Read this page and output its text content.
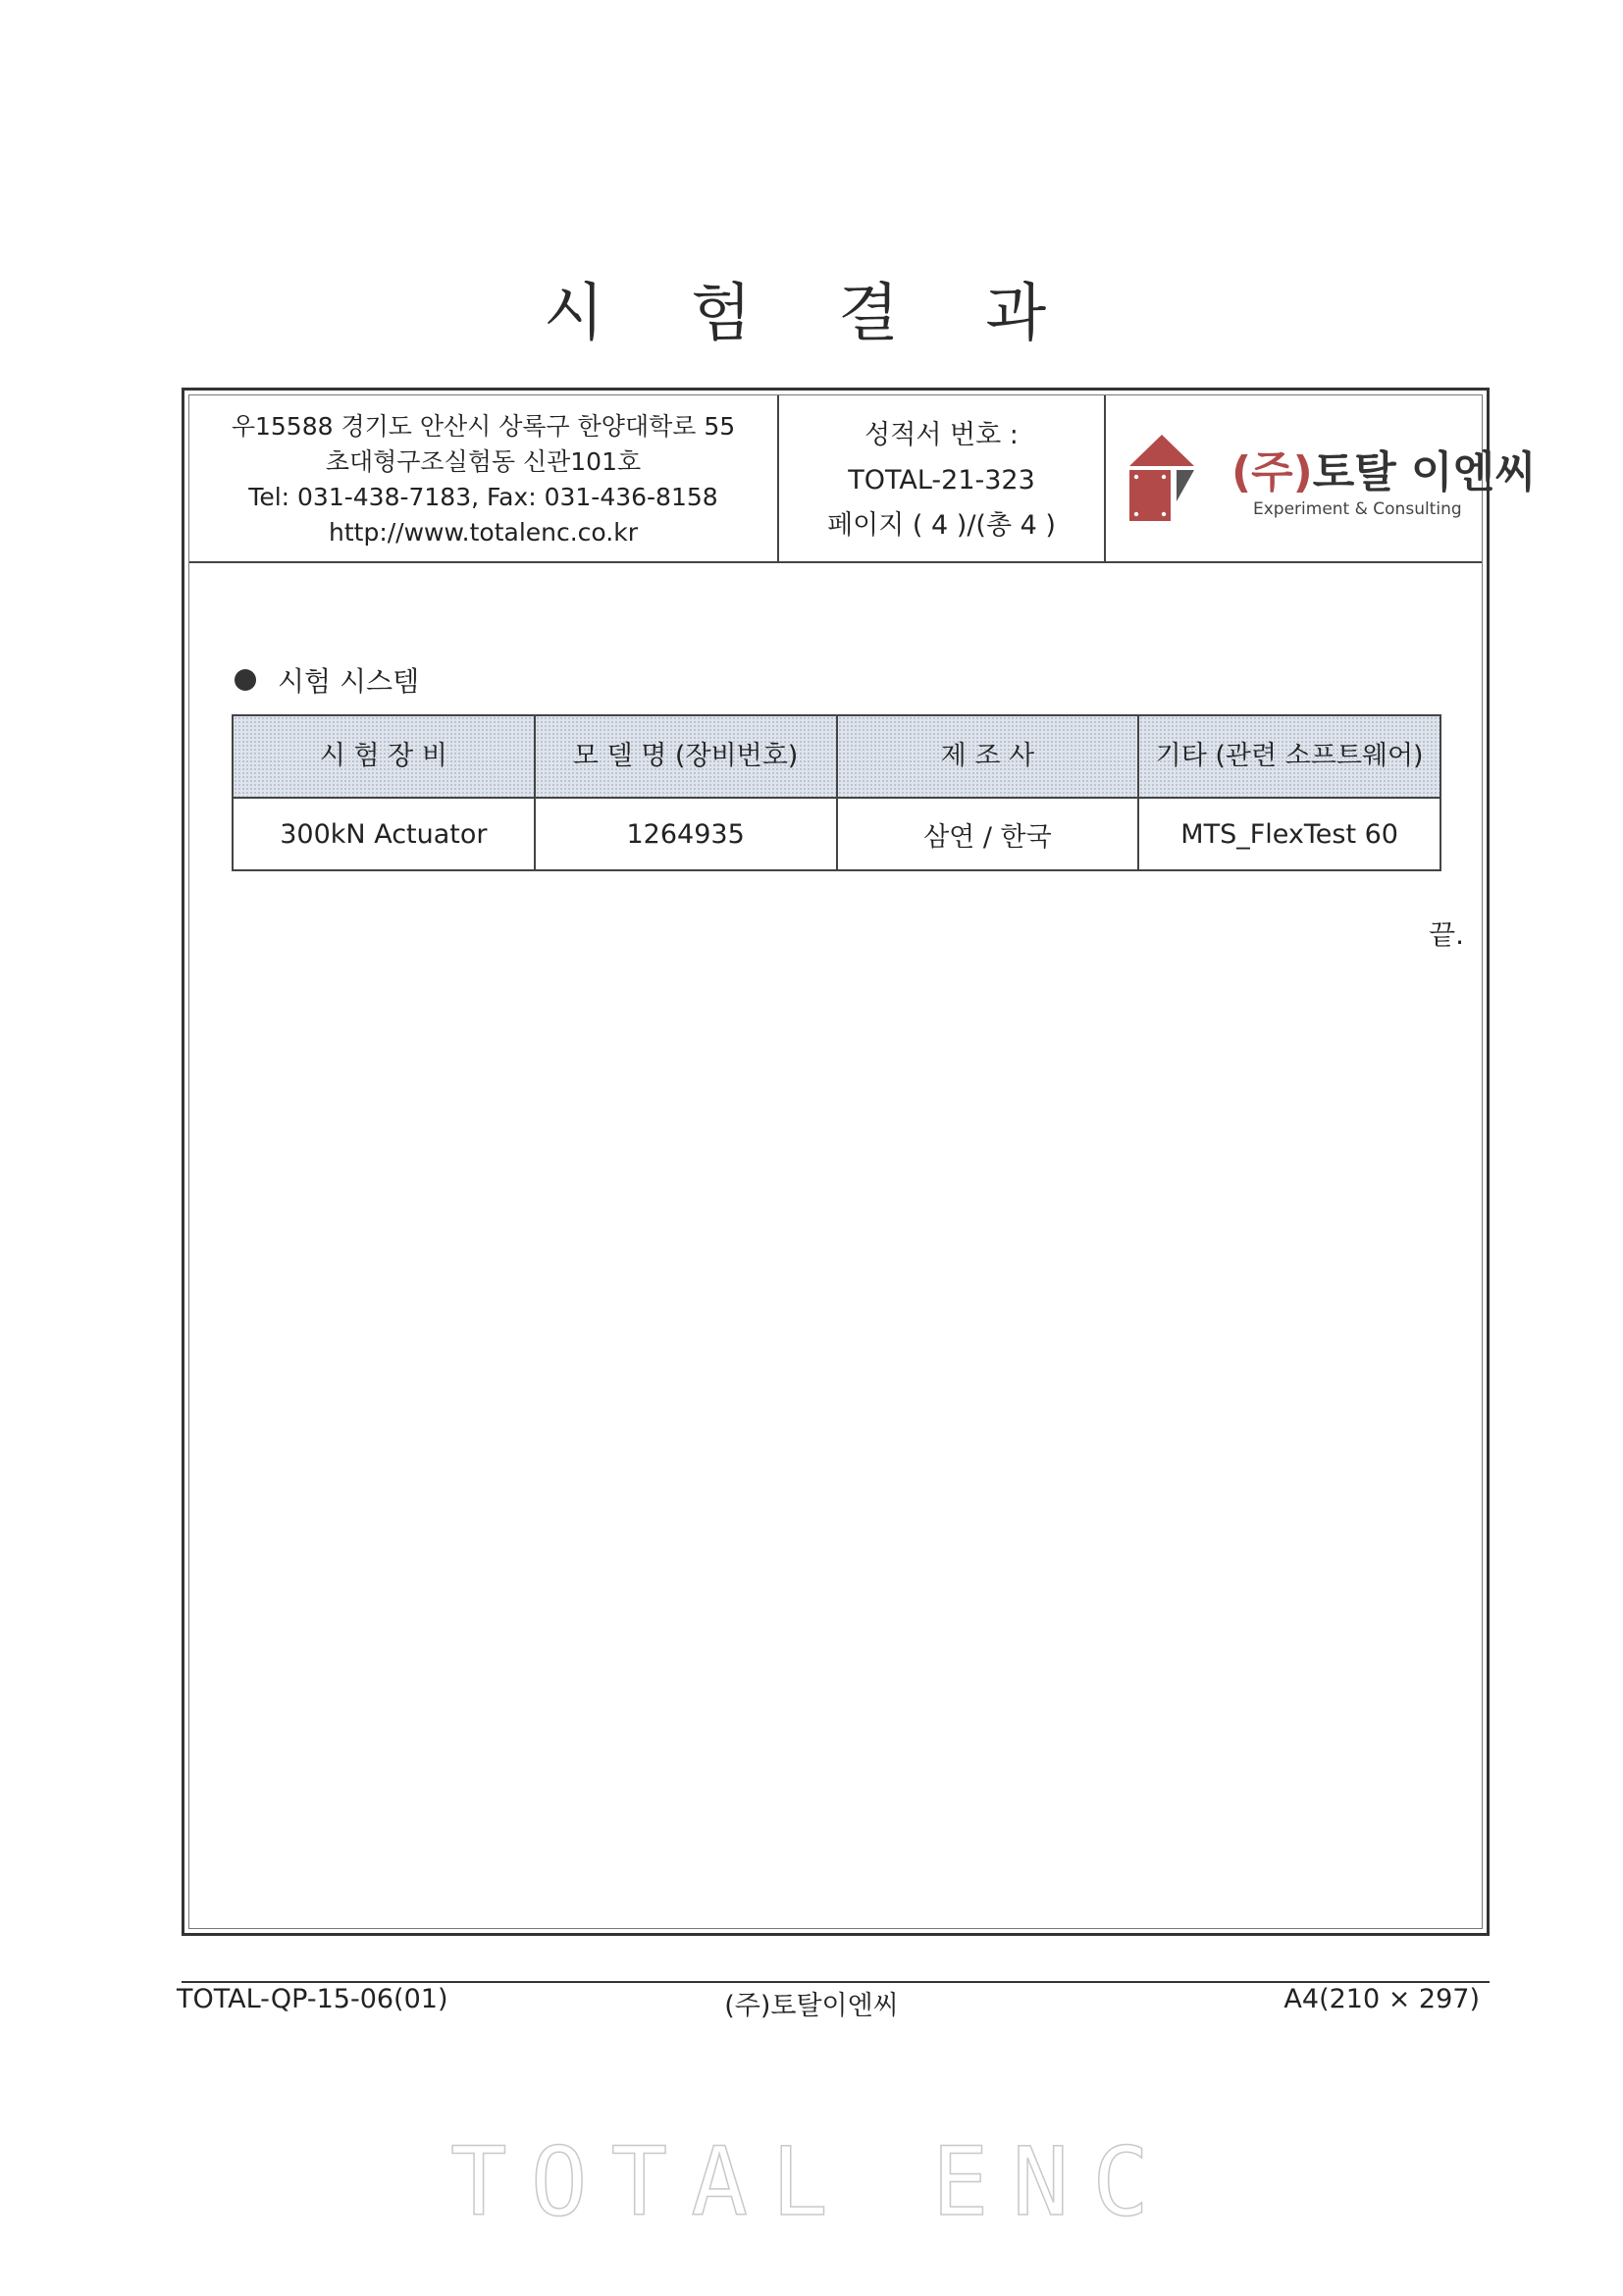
시 험 결 과
우15588 경기도 안산시 상록구 한양대학로 55
초대형구조실험동 신관101호
Tel: 031-438-7183, Fax: 031-436-8158
http://www.totalenc.co.kr
성적서 번호 :
TOTAL-21-323
페이지 ( 4 )/(총 4 )
(주)토탈 이엔씨
Experiment & Consulting
시험 시스템
시 험 장 비	모 델 명 (장비번호)	제 조 사	기타 (관련 소프트웨어)
300kN Actuator	1264935	삼연 / 한국	MTS_FlexTest 60
끝.
TOTAL-QP-15-06(01)	(주)토탈이엔씨	A4(210 × 297)
TOTAL ENC
